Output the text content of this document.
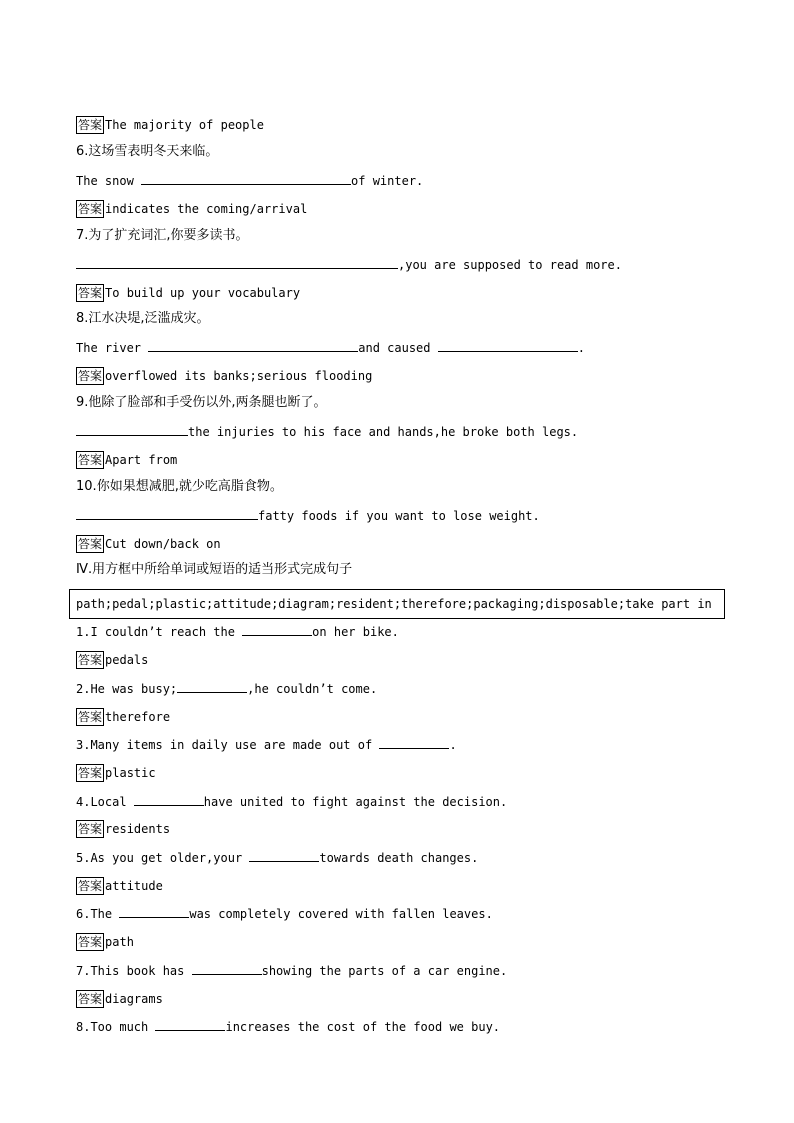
答案 The majority of people
6.这场雪表明冬天来临。
The snow	of winter.
答案 indicates the coming/arrival
7.为了扩充词汇,你要多读书。
,you are supposed to read more.
答案 To build up your vocabulary
8.江水决堤,泛滥成灾。
The river	and caused	.
答案 overflowed its banks;serious flooding
9.他除了脸部和手受伤以外,两条腿也断了。
the injuries to his face and hands,he broke both legs.
答案 Apart from
10.你如果想减肥,就少吃高脂食物。
fatty foods if you want to lose weight.
答案 Cut down/back on
Ⅳ.用方框中所给单词或短语的适当形式完成句子
path;pedal;plastic;attitude;diagram;resident;therefore;packaging;disposable;take part in
1.I couldn’t reach the	on her bike.
答案 pedals
2.He was busy;	,he couldn’t come.
答案 therefore
3.Many items in daily use are made out of	.
答案 plastic
4.Local	have united to fight against the decision.
答案 residents
5.As you get older,your	towards death changes.
答案 attitude
6.The	was completely covered with fallen leaves.
答案 path
7.This book has	showing the parts of a car engine.
答案 diagrams
8.Too much	increases the cost of the food we buy.
